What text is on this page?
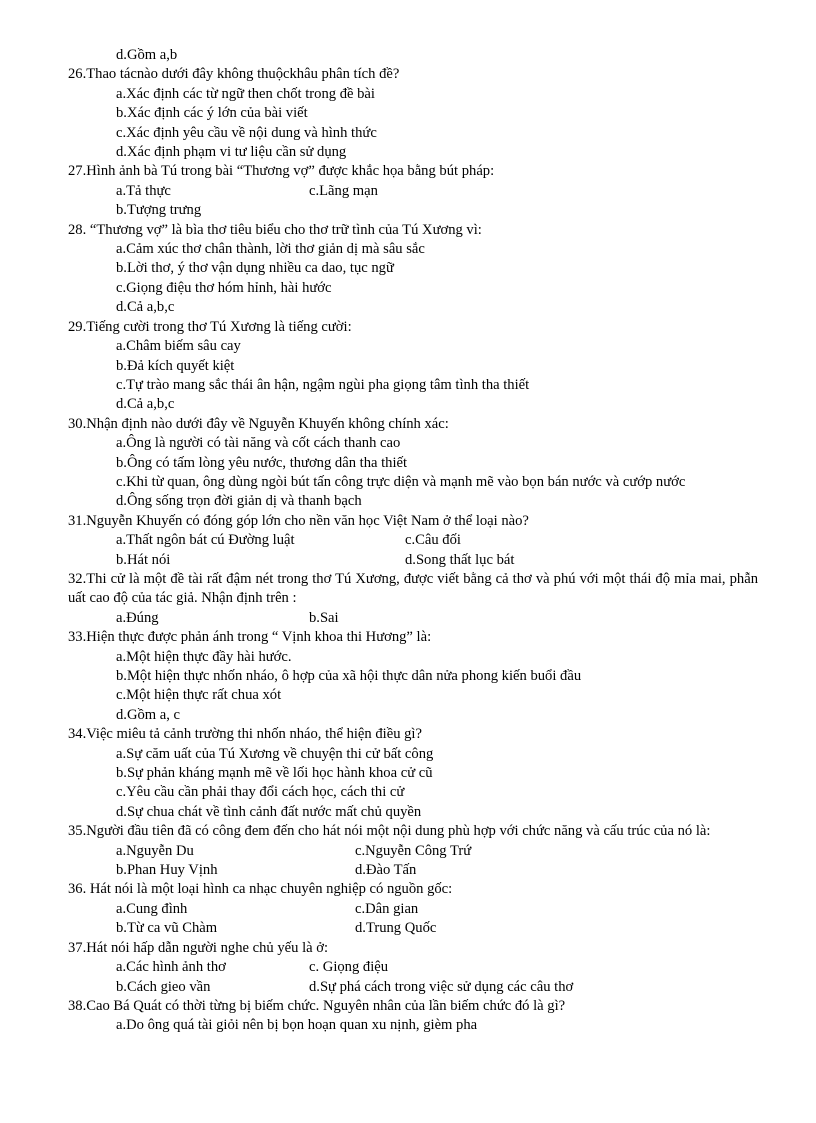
d.Gồm a,b

26.Thao tácnào dưới đây không thuộckhâu phân tích đề?

a.Xác định các từ ngữ then chốt trong đề bài

b.Xác định các ý lớn của bài viết

c.Xác định yêu cầu về nội dung và hình thức

d.Xác định phạm vi tư liệu cần sử dụng

27.Hình ảnh bà Tú trong bài “Thương vợ” được khắc họa bằng bút pháp:

a.Tả thực	c.Lãng mạn

b.Tượng trưng

28. “Thương vợ” là bìa thơ tiêu biểu cho thơ trữ tình của Tú Xương vì:

a.Cảm xúc thơ chân thành, lời thơ giản dị mà sâu sắc

b.Lời thơ, ý thơ vận dụng nhiều ca dao, tục ngữ

c.Giọng điệu thơ hóm hỉnh, hài hước

d.Cả a,b,c

29.Tiếng cười trong thơ Tú Xương là tiếng cười:

a.Châm biếm sâu cay

b.Đả kích quyết kiệt

c.Tự trào mang sắc thái ân hận, ngậm ngùi pha giọng tâm tình tha thiết

d.Cả a,b,c

30.Nhận định nào dưới đây về Nguyễn Khuyến không chính xác:

a.Ông là người có tài năng và cốt cách thanh cao

b.Ông có tấm lòng yêu nước, thương dân tha thiết

c.Khi từ quan, ông dùng ngòi bút tấn công trực diện và mạnh mẽ vào bọn bán nước và cướp nước

d.Ông sống trọn đời giản dị và thanh bạch

31.Nguyễn Khuyến có đóng góp lớn cho nền văn học Việt Nam ở thể loại nào?

a.Thất ngôn bát cú Đường luật	c.Câu đối
b.Hát nói	d.Song thất lục bát

32.Thi cử là một đề tài rất đậm nét trong thơ Tú Xương, được viết bằng cả thơ và phú với một thái độ mỉa mai, phẫn uất cao độ của tác giả. Nhận định trên :

a.Đúng	b.Sai

33.Hiện thực được phản ánh trong “ Vịnh khoa thi Hương” là:

a.Một hiện thực đầy hài hước.

b.Một hiện thực nhốn nháo, ô hợp của xã hội thực dân nửa phong kiến buổi đầu

c.Một hiện thực rất chua xót

d.Gồm a, c

34.Việc miêu tả cảnh trường thi nhốn nháo, thể hiện điều gì?

a.Sự căm uất của Tú Xương về chuyện thi cử bất công

b.Sự phản kháng mạnh mẽ về lối học hành khoa cử cũ

c.Yêu cầu cần phải thay đổi cách học, cách thi cử

d.Sự chua chát về tình cảnh đất nước mất chủ quyền

35.Người đầu tiên đã có công đem đến cho hát nói một nội dung phù hợp với chức năng và cấu trúc của nó là:

a.Nguyễn Du	c.Nguyễn Công Trứ
b.Phan Huy Vịnh	d.Đào Tấn

36. Hát nói là một loại hình ca nhạc chuyên nghiệp có nguồn gốc:

a.Cung đình	c.Dân gian
b.Từ ca vũ Chàm	d.Trung Quốc

37.Hát nói hấp dẫn người nghe chủ yếu là ở:

a.Các hình ảnh thơ	c. Giọng điệu
b.Cách gieo vần	d.Sự phá cách trong việc sử dụng các câu thơ

38.Cao Bá Quát có thời từng bị biếm chức. Nguyên nhân của lần biếm chức đó là gì?

a.Do ông quá tài giỏi nên bị bọn hoạn quan xu nịnh, gièm pha
